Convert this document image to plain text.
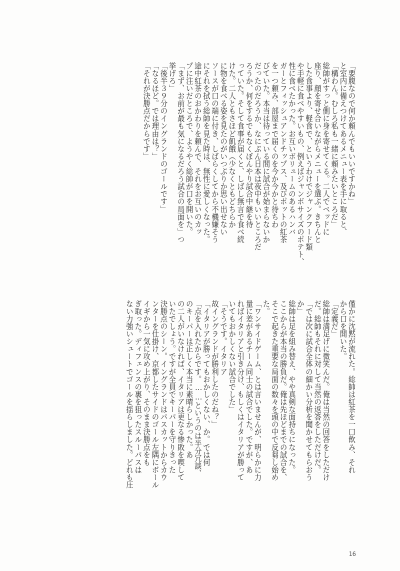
「要腹なので何か頼んでもいいですかね」

と室内に備えつけてあるメニュー表を手に取ると、

「構わん。むしろ私も一緒に頼みたいところだ」

総帥がすっと側に身を寄せてくる。二人でベッドに

座り、顔を寄せ合いながらメニューを選ぶ。きちんと

した食事より、軽食で、というわけでジャンクフード類

や手軽に食べやすいもの、例えばジャンボサイズのポテト、

性に食べたかった。お互いボリュームのあるハンバ

ガーとフィッシュアンドチップス、及びポットの紅茶

を一つ頼み、部屋まで届くのを今か今かと待ちわ

びていた。本当は待っている間に試合が始まらないか

だったのだろうか、なにぶん日本は夜中もいいところだ

ろうか、何をするでもなくぼんやり試合中継を待

っていた。そして食事が届くと、しばし無言で食べ続

けた。二人ともさほど飢餓（少なくともどちらか

に物を食べる姿を見たのがいつぶりか思い出せない

ソースが口の端に付き、しばらくしてから不機嫌そう

にそれを拭う総帥を見た時は、無性に愛しくなった。

途中紅茶のおかわりを頼んで、それをお互いのカッ

プに注いだところで、ようやく総帥が口を開いた。

「まず、お前が最も気になるだろう試合の局面を」つ

挙げろ」

「後半３９分のイングランドのゴールです」

「なるほど。では理由は？」

「それが決勝点だからです」

僅かに沈黙が流れた。総帥は紅茶を一口飲み、それ

から口を開いた。

「定義だ」

総帥は満足げに微笑んだ。俺は当然の回答をしただけ

だ。総帥もそれに対して当然の返答をしただけだ。

「では次に試合全体の細かい分析を聞かせてもらおう

か」

総帥は足を組み替え、やや真剣な面持ちになった。

ここからが本当の勝負だ。俺は先ほどまでの試合を、

そこで起きた重要な局面の数々を頭の中で反芻し始め

た。

「ワンサイドゲーム、とは言いませんが、明らかに力

量に差があるチーム同士の試合でした。ですが、あ

ればイタリアと引き分け、もしくはイタリアが勝って

いてもおかしくない試合でした」

「そうです。イタリア

故イングランドが勝利したのだね？」

「イタリアが勝ってもおかしくない、か。では何

「点を入れたからです。……というのは半分冗談、

のキーパーは正しく本当に素晴らしかった。あ

の二人がいなければ、イタリアは更なる惨敗を喫して

いたでしょう。ですが全員でキーパーを守りきった

決勝点のシーン。イングランドはパスカットからカウ

ンターを仕掛け、京都したサイドのゴール左隅にボール

イギから一気に攻め上がり、そのまま決勝点をも

ぎ取った。ディフェンスの裏を狙ったスルーパスは

ない力強いシュートでゴールを揺らしました。どれも圧

16
